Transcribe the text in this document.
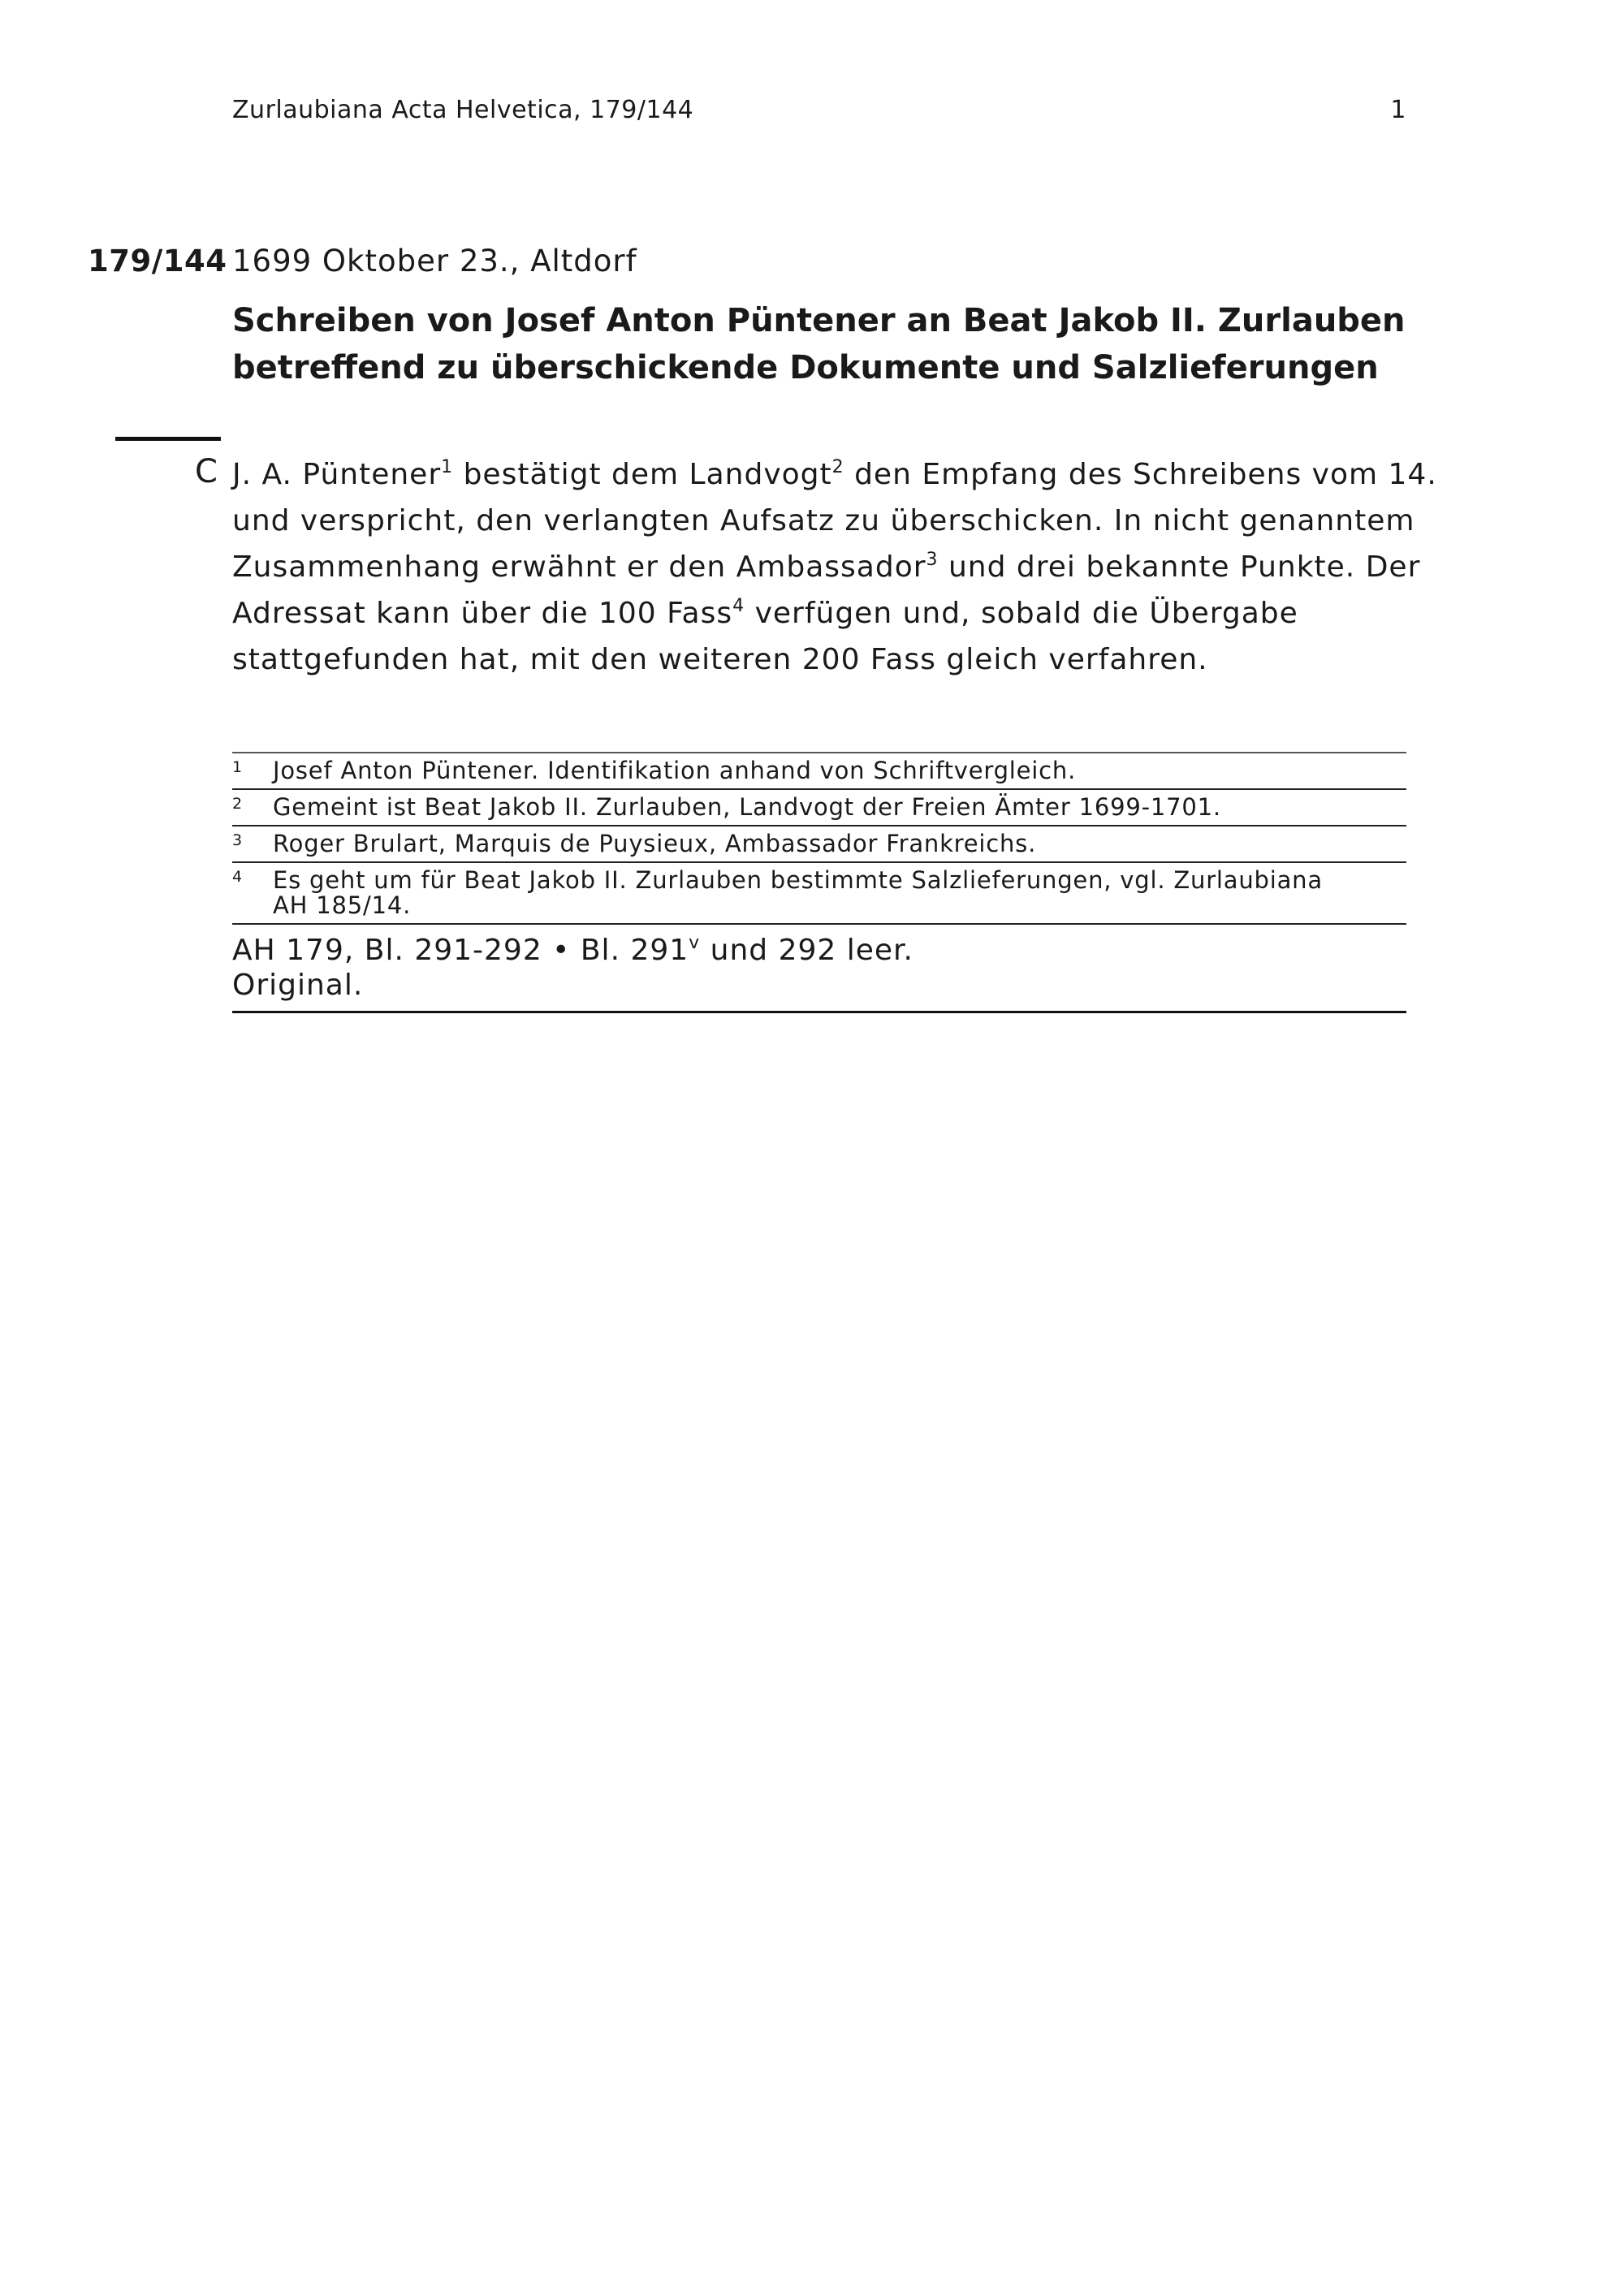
Zurlaubiana Acta Helvetica, 179/144	1
179/144 1699 Oktober 23., Altdorf
Schreiben von Josef Anton Püntener an Beat Jakob II. Zurlauben
betreffend zu überschickende Dokumente und Salzlieferungen
C J. A. Püntener$^1$ bestätigt dem Landvogt$^2$ den Empfang des Schreibens vom 14.
und verspricht, den verlangten Aufsatz zu überschicken. In nicht genanntem
Zusammenhang erwähnt er den Ambassador$^3$ und drei bekannte Punkte. Der
Adressat kann über die 100 Fass$^4$ verfügen und, sobald die Übergabe
stattgefunden hat, mit den weiteren 200 Fass gleich verfahren.

1 Josef Anton Püntener. Identifikation anhand von Schriftvergleich.
2 Gemeint ist Beat Jakob II. Zurlauben, Landvogt der Freien Ämter 1699-1701.
3 Roger Brulart, Marquis de Puysieux, Ambassador Frankreichs.
4 Es geht um für Beat Jakob II. Zurlauben bestimmte Salzlieferungen, vgl. Zurlaubiana
AH 185/14.
AH 179, Bl. 291-292 • Bl. 291$^v$ und 292 leer.
Original.
